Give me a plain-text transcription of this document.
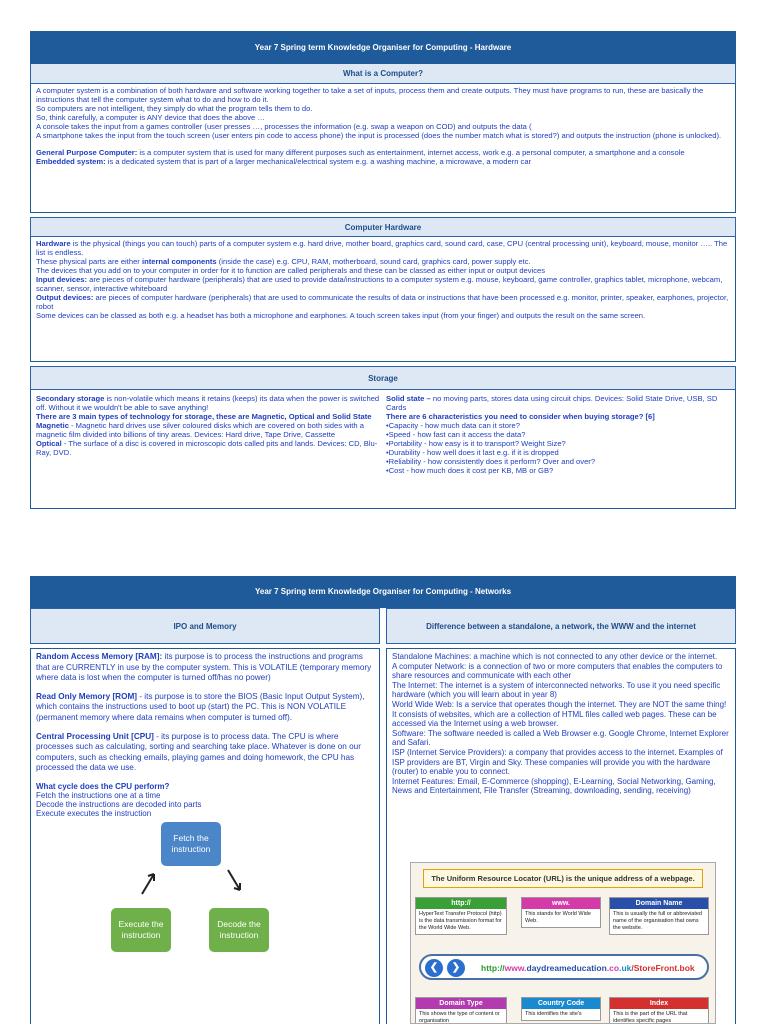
Year 7 Spring term Knowledge Organiser for Computing - Hardware
What is a Computer?

A computer system is a combination of both hardware and software working together to take a set of inputs, process them and create outputs. They must have programs to run, these are basically the instructions that tell the computer system what to do and how to do it.

So computers are not intelligent, they simply do what the program tells them to do.

So, think carefully, a computer is ANY device that does the above …

A console takes the input from a games controller (user presses …, processes the information (e.g. swap a weapon on COD) and outputs the data (

A smartphone takes the input from the touch screen (user enters pin code to access phone) the input is processed (does the number match what is stored?) and outputs the instruction (phone is unlocked).

General Purpose Computer: is a computer system that is used for many different purposes such as entertainment, internet access, work e.g. a personal computer, a smartphone and a console

Embedded system: is a dedicated system that is part of a larger mechanical/electrical system e.g. a washing machine, a microwave, a modern car

Computer Hardware

Hardware is the physical (things you can touch) parts of a computer system e.g. hard drive, mother board, graphics card, sound card, case, CPU (central processing unit), keyboard, mouse, monitor ….. The list is endless.

These physical parts are either internal components (inside the case) e.g. CPU, RAM, motherboard, sound card, graphics card, power supply etc.

The devices that you add on to your computer in order for it to function are called peripherals and these can be classed as either input or output devices

Input devices: are pieces of computer hardware (peripherals) that are used to provide data/instructions to a computer system e.g. mouse, keyboard, game controller, graphics tablet, microphone, webcam, scanner, sensor, interactive whiteboard

Output devices: are pieces of computer hardware (peripherals) that are used to communicate the results of data or instructions that have been processed e.g. monitor, printer, speaker, earphones, projector, robot

Some devices can be classed as both e.g. a headset has both a microphone and earphones. A touch screen takes input (from your finger) and outputs the result on the same screen.

Storage

Secondary storage is non-volatile which means it retains (keeps) its data when the power is switched off. Without it we wouldn't be able to save anything!

There are 3 main types of technology for storage, these are Magnetic, Optical and Solid State

Magnetic - Magnetic hard drives use silver coloured disks which are covered on both sides with a magnetic film divided into billions of tiny areas. Devices: Hard drive, Tape Drive, Cassette

Optical - The surface of a disc is covered in microscopic dots called pits and lands. Devices: CD, Blu-Ray, DVD.

Solid state – no moving parts, stores data using circuit chips. Devices: Solid State Drive, USB, SD Cards

There are 6 characteristics you need to consider when buying storage? [6]

•Capacity - how much data can it store?

•Speed - how fast can it access the data?

•Portability - how easy is it to transport? Weight Size?

•Durability - how well does it last e.g. if it is dropped

•Reliability - how consistently does it perform? Over and over?

•Cost - how much does it cost per KB, MB or GB?

Year 7 Spring term Knowledge Organiser for Computing - Networks
IPO and Memory

Random Access Memory [RAM]: its purpose is to process the instructions and programs that are CURRENTLY in use by the computer system. This is VOLATILE (temporary memory where data is lost when the computer is turned off/has no power)

Read Only Memory [ROM] - its purpose is to store the BIOS (Basic Input Output System), which contains the instructions used to boot up (start) the PC. This is NON VOLATILE (permanent memory where data remains when computer is turned off).

Central Processing Unit [CPU] - its purpose is to process data. The CPU is where processes such as calculating, sorting and searching take place. Whatever is done on our computers, such as checking emails, playing games and doing homework, the CPU has processed the data we use.

What cycle does the CPU perform?
Fetch the instructions one at a time
Decode the instructions are decoded into parts
Execute executes the instruction
Fetch the instruction
Decode the instruction
Execute the instruction
Difference between a standalone, a network, the WWW and the internet
Standalone Machines: a machine which is not connected to any other device or the internet.
A computer Network: is a connection of two or more computers that enables the computers to share resources and communicate with each other
The Internet: The internet is a system of interconnected networks. To use it you need specific hardware (which you will learn about in year 8)
World Wide Web: Is a service that operates though the internet. They are NOT the same thing! It consists of websites, which are a collection of HTML files called web pages. These can be accessed via the Internet using a web browser.
Software: The software needed is called a Web Browser e.g. Google Chrome, Internet Explorer and Safari.
ISP (Internet Service Providers): a company that provides access to the internet. Examples of ISP providers are BT, Virgin and Sky. These companies will provide you with the hardware (router) to enable you to connect.
Internet Features: Email, E-Commerce (shopping), E-Learning, Social Networking, Gaming, News and Entertainment, File Transfer (Streaming, downloading, sending, receiving)
The Uniform Resource Locator (URL) is the unique address of a webpage.
http://
HyperText Transfer Protocol (http) is the data transmission format for the World Wide Web.
www.
This stands for World Wide Web.
Domain Name
This is usually the full or abbreviated name of the organisation that owns the website.
❮	❯	http://www.daydreameducation.co.uk/StoreFront.bok
Domain Type
This shows the type of content or organisation
Country Code
This identifies the site's
Index
This is the part of the URL that identifies specific pages
